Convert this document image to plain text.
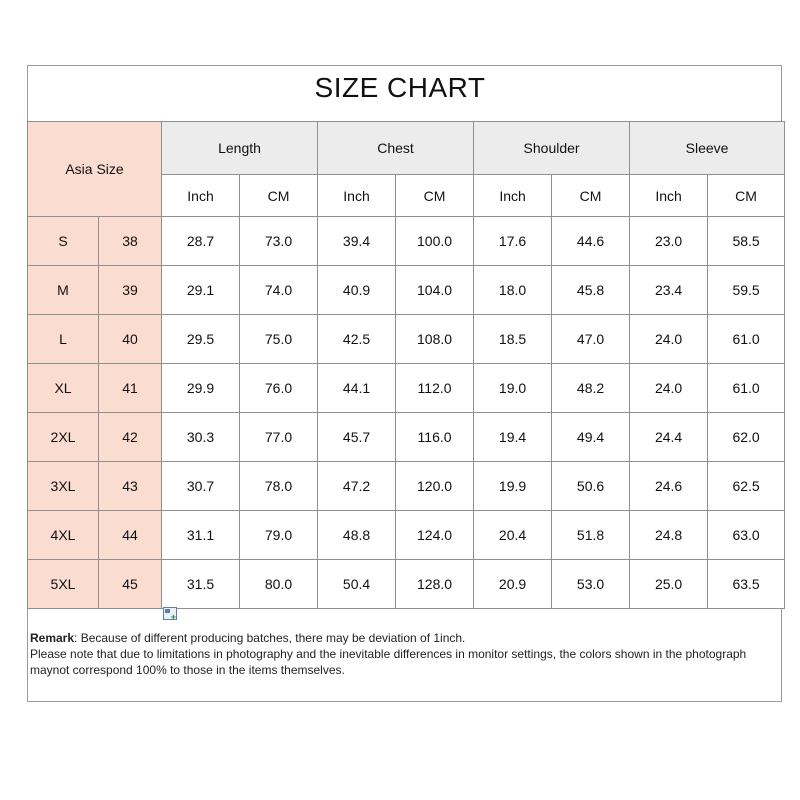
SIZE CHART
Asia Size		Length		Chest		Shoulder		Sleeve	
		Inch	CM	Inch	CM	Inch	CM	Inch	CM
S	38	28.7	73.0	39.4	100.0	17.6	44.6	23.0	58.5
M	39	29.1	74.0	40.9	104.0	18.0	45.8	23.4	59.5
L	40	29.5	75.0	42.5	108.0	18.5	47.0	24.0	61.0
XL	41	29.9	76.0	44.1	112.0	19.0	48.2	24.0	61.0
2XL	42	30.3	77.0	45.7	116.0	19.4	49.4	24.4	62.0
3XL	43	30.7	78.0	47.2	120.0	19.9	50.6	24.6	62.5
4XL	44	31.1	79.0	48.8	124.0	20.4	51.8	24.8	63.0
5XL	45	31.5	80.0	50.4	128.0	20.9	53.0	25.0	63.5
+
Remark: Because of different producing batches, there may be deviation of 1inch.
Please note that due to limitations in photography and the inevitable differences in monitor settings, the colors shown in the photograph
maynot correspond 100% to those in the items themselves.
